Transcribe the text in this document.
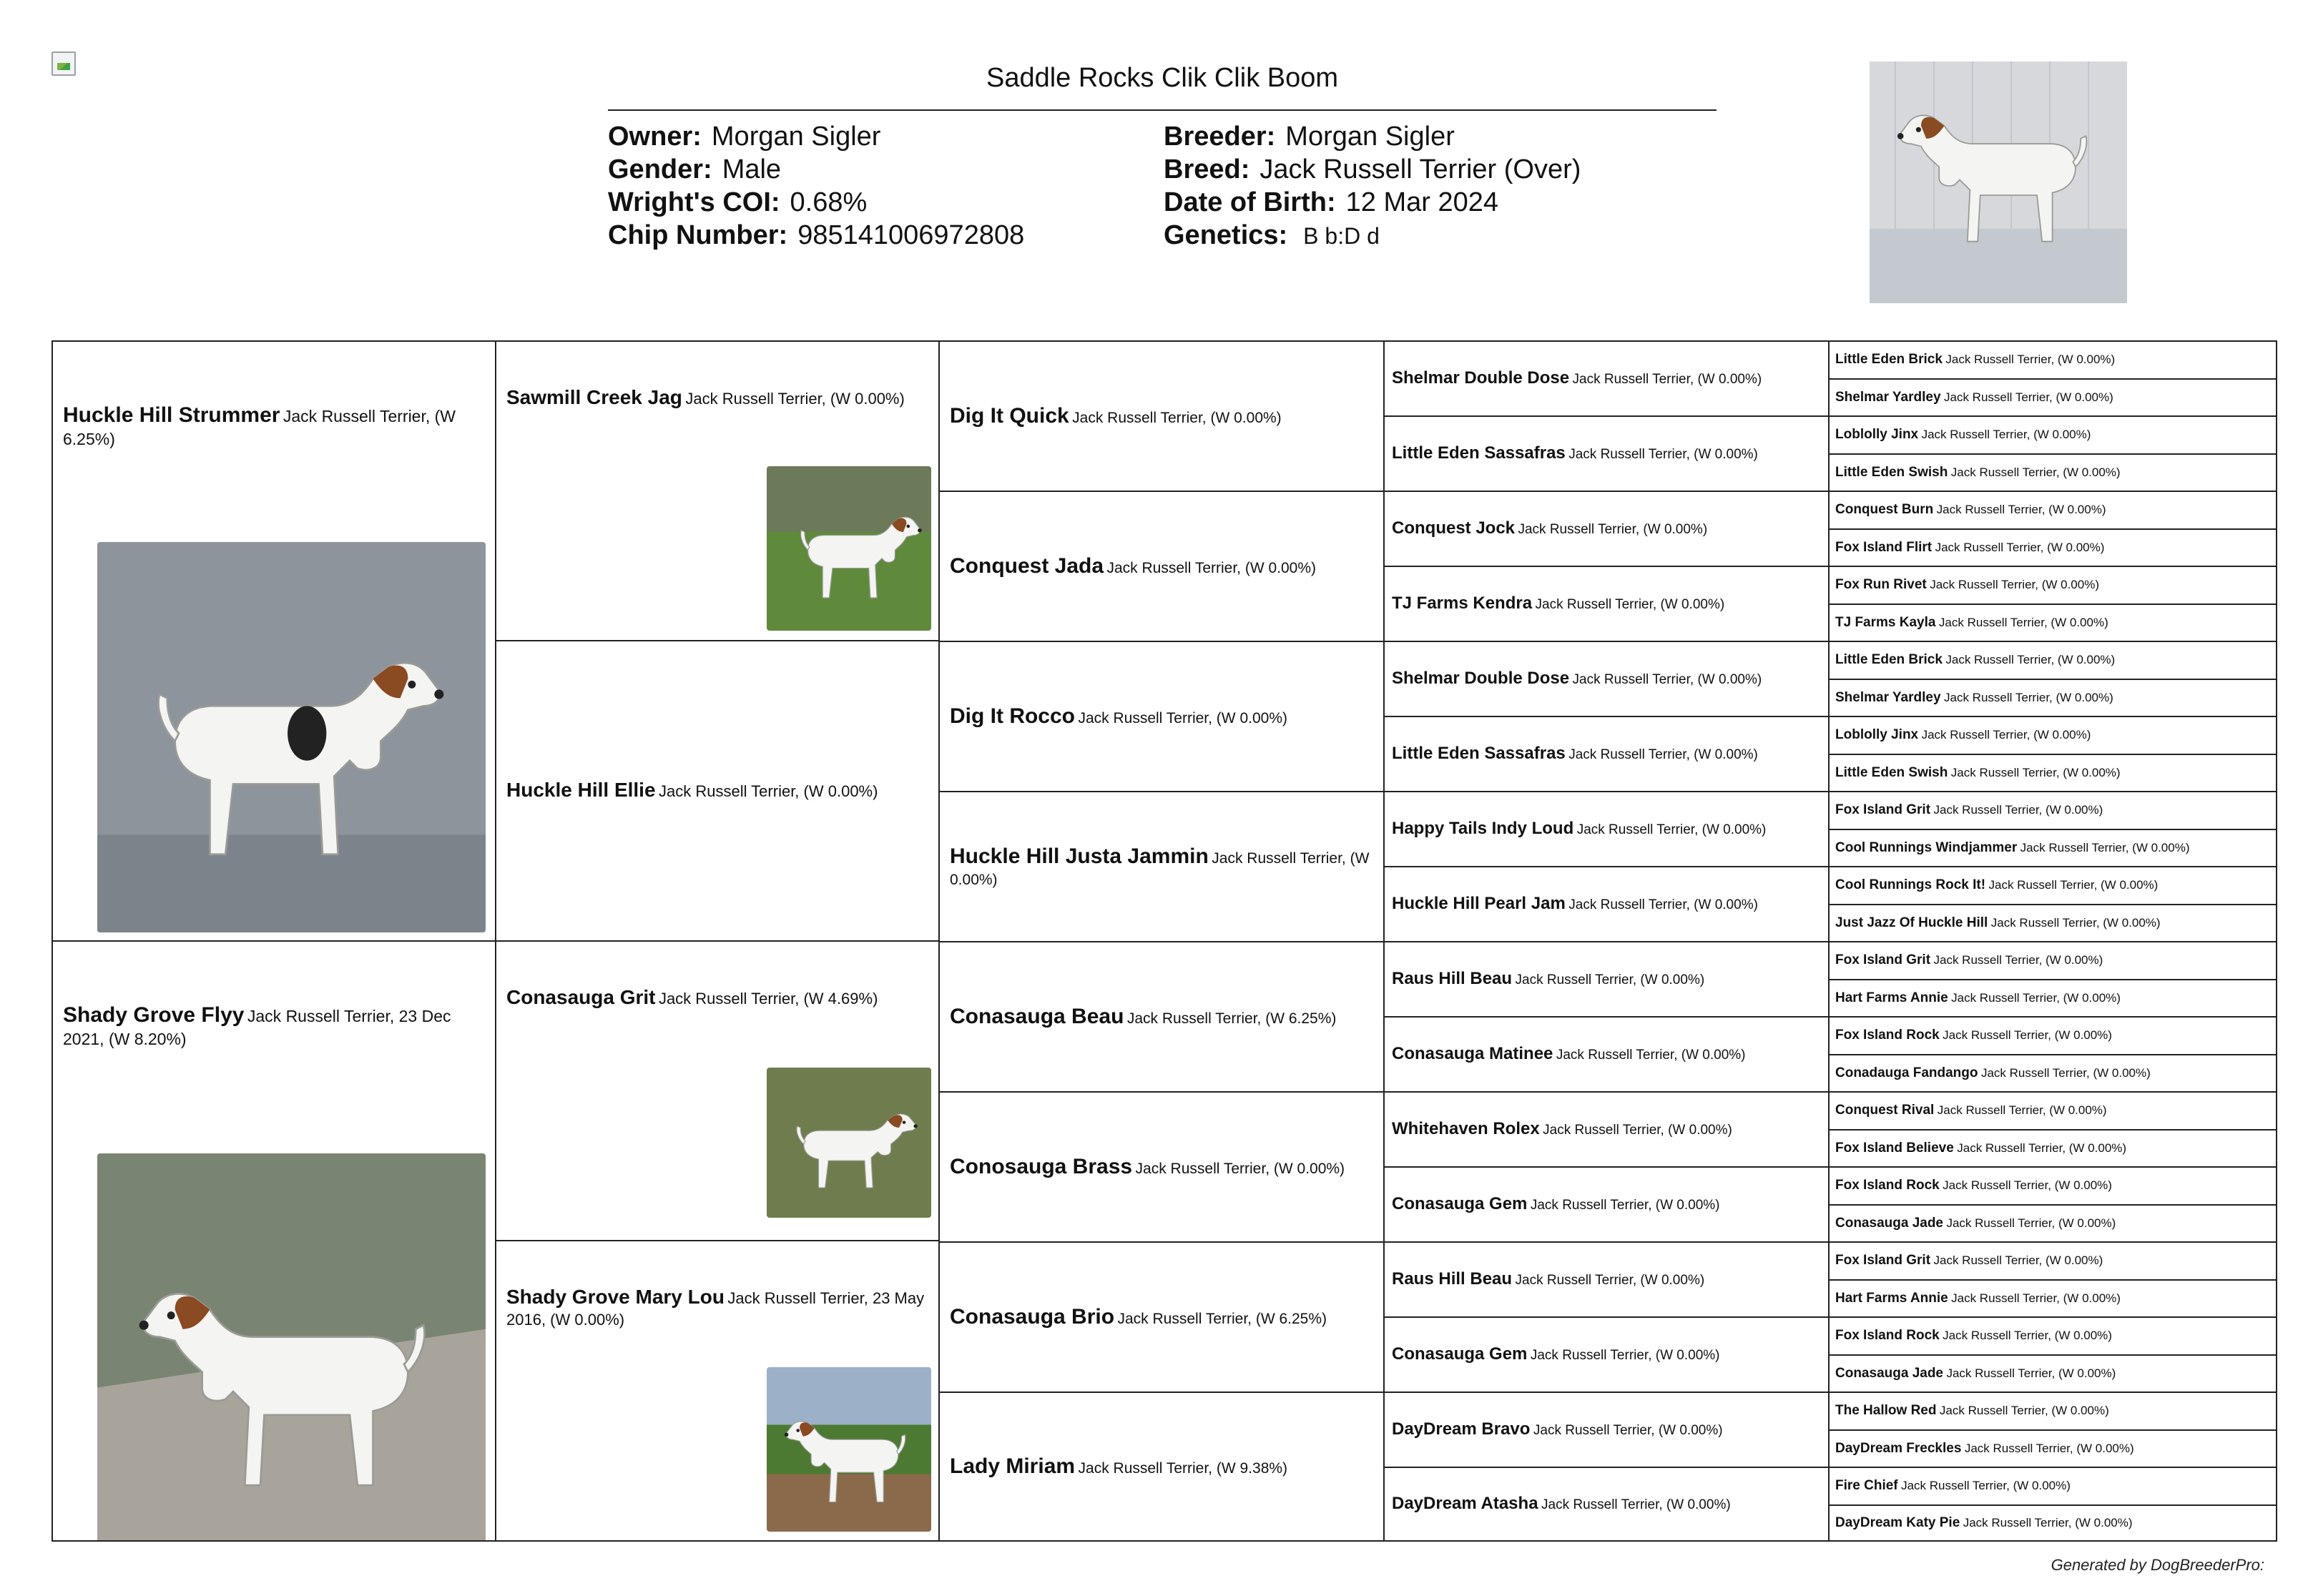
Saddle Rocks Clik Clik Boom
Owner: Morgan Sigler
Gender: Male
Wright's COI: 0.68%
Chip Number: 985141006972808
Breeder: Morgan Sigler
Breed: Jack Russell Terrier (Over)
Date of Birth: 12 Mar 2024
Genetics: B b:D d
Huckle Hill Strummer Jack Russell Terrier, (W 6.25%)
Shady Grove Flyy Jack Russell Terrier, 23 Dec 2021, (W 8.20%)
Sawmill Creek Jag Jack Russell Terrier, (W 0.00%)
Huckle Hill Ellie Jack Russell Terrier, (W 0.00%)
Conasauga Grit Jack Russell Terrier, (W 4.69%)
Shady Grove Mary Lou Jack Russell Terrier, 23 May 2016, (W 0.00%)
Dig It Quick Jack Russell Terrier, (W 0.00%)
Conquest Jada Jack Russell Terrier, (W 0.00%)
Dig It Rocco Jack Russell Terrier, (W 0.00%)
Huckle Hill Justa Jammin Jack Russell Terrier, (W 0.00%)
Conasauga Beau Jack Russell Terrier, (W 6.25%)
Conosauga Brass Jack Russell Terrier, (W 0.00%)
Conasauga Brio Jack Russell Terrier, (W 6.25%)
Lady Miriam Jack Russell Terrier, (W 9.38%)
Shelmar Double Dose Jack Russell Terrier, (W 0.00%)
Little Eden Sassafras Jack Russell Terrier, (W 0.00%)
Conquest Jock Jack Russell Terrier, (W 0.00%)
TJ Farms Kendra Jack Russell Terrier, (W 0.00%)
Shelmar Double Dose Jack Russell Terrier, (W 0.00%)
Little Eden Sassafras Jack Russell Terrier, (W 0.00%)
Happy Tails Indy Loud Jack Russell Terrier, (W 0.00%)
Huckle Hill Pearl Jam Jack Russell Terrier, (W 0.00%)
Raus Hill Beau Jack Russell Terrier, (W 0.00%)
Conasauga Matinee Jack Russell Terrier, (W 0.00%)
Whitehaven Rolex Jack Russell Terrier, (W 0.00%)
Conasauga Gem Jack Russell Terrier, (W 0.00%)
Raus Hill Beau Jack Russell Terrier, (W 0.00%)
Conasauga Gem Jack Russell Terrier, (W 0.00%)
DayDream Bravo Jack Russell Terrier, (W 0.00%)
DayDream Atasha Jack Russell Terrier, (W 0.00%)
Little Eden Brick Jack Russell Terrier, (W 0.00%)
Shelmar Yardley Jack Russell Terrier, (W 0.00%)
Loblolly Jinx Jack Russell Terrier, (W 0.00%)
Little Eden Swish Jack Russell Terrier, (W 0.00%)
Conquest Burn Jack Russell Terrier, (W 0.00%)
Fox Island Flirt Jack Russell Terrier, (W 0.00%)
Fox Run Rivet Jack Russell Terrier, (W 0.00%)
TJ Farms Kayla Jack Russell Terrier, (W 0.00%)
Little Eden Brick Jack Russell Terrier, (W 0.00%)
Shelmar Yardley Jack Russell Terrier, (W 0.00%)
Loblolly Jinx Jack Russell Terrier, (W 0.00%)
Little Eden Swish Jack Russell Terrier, (W 0.00%)
Fox Island Grit Jack Russell Terrier, (W 0.00%)
Cool Runnings Windjammer Jack Russell Terrier, (W 0.00%)
Cool Runnings Rock It! Jack Russell Terrier, (W 0.00%)
Just Jazz Of Huckle Hill Jack Russell Terrier, (W 0.00%)
Fox Island Grit Jack Russell Terrier, (W 0.00%)
Hart Farms Annie Jack Russell Terrier, (W 0.00%)
Fox Island Rock Jack Russell Terrier, (W 0.00%)
Conadauga Fandango Jack Russell Terrier, (W 0.00%)
Conquest Rival Jack Russell Terrier, (W 0.00%)
Fox Island Believe Jack Russell Terrier, (W 0.00%)
Fox Island Rock Jack Russell Terrier, (W 0.00%)
Conasauga Jade Jack Russell Terrier, (W 0.00%)
Fox Island Grit Jack Russell Terrier, (W 0.00%)
Hart Farms Annie Jack Russell Terrier, (W 0.00%)
Fox Island Rock Jack Russell Terrier, (W 0.00%)
Conasauga Jade Jack Russell Terrier, (W 0.00%)
The Hallow Red Jack Russell Terrier, (W 0.00%)
DayDream Freckles Jack Russell Terrier, (W 0.00%)
Fire Chief Jack Russell Terrier, (W 0.00%)
DayDream Katy Pie Jack Russell Terrier, (W 0.00%)
Generated by DogBreederPro:
